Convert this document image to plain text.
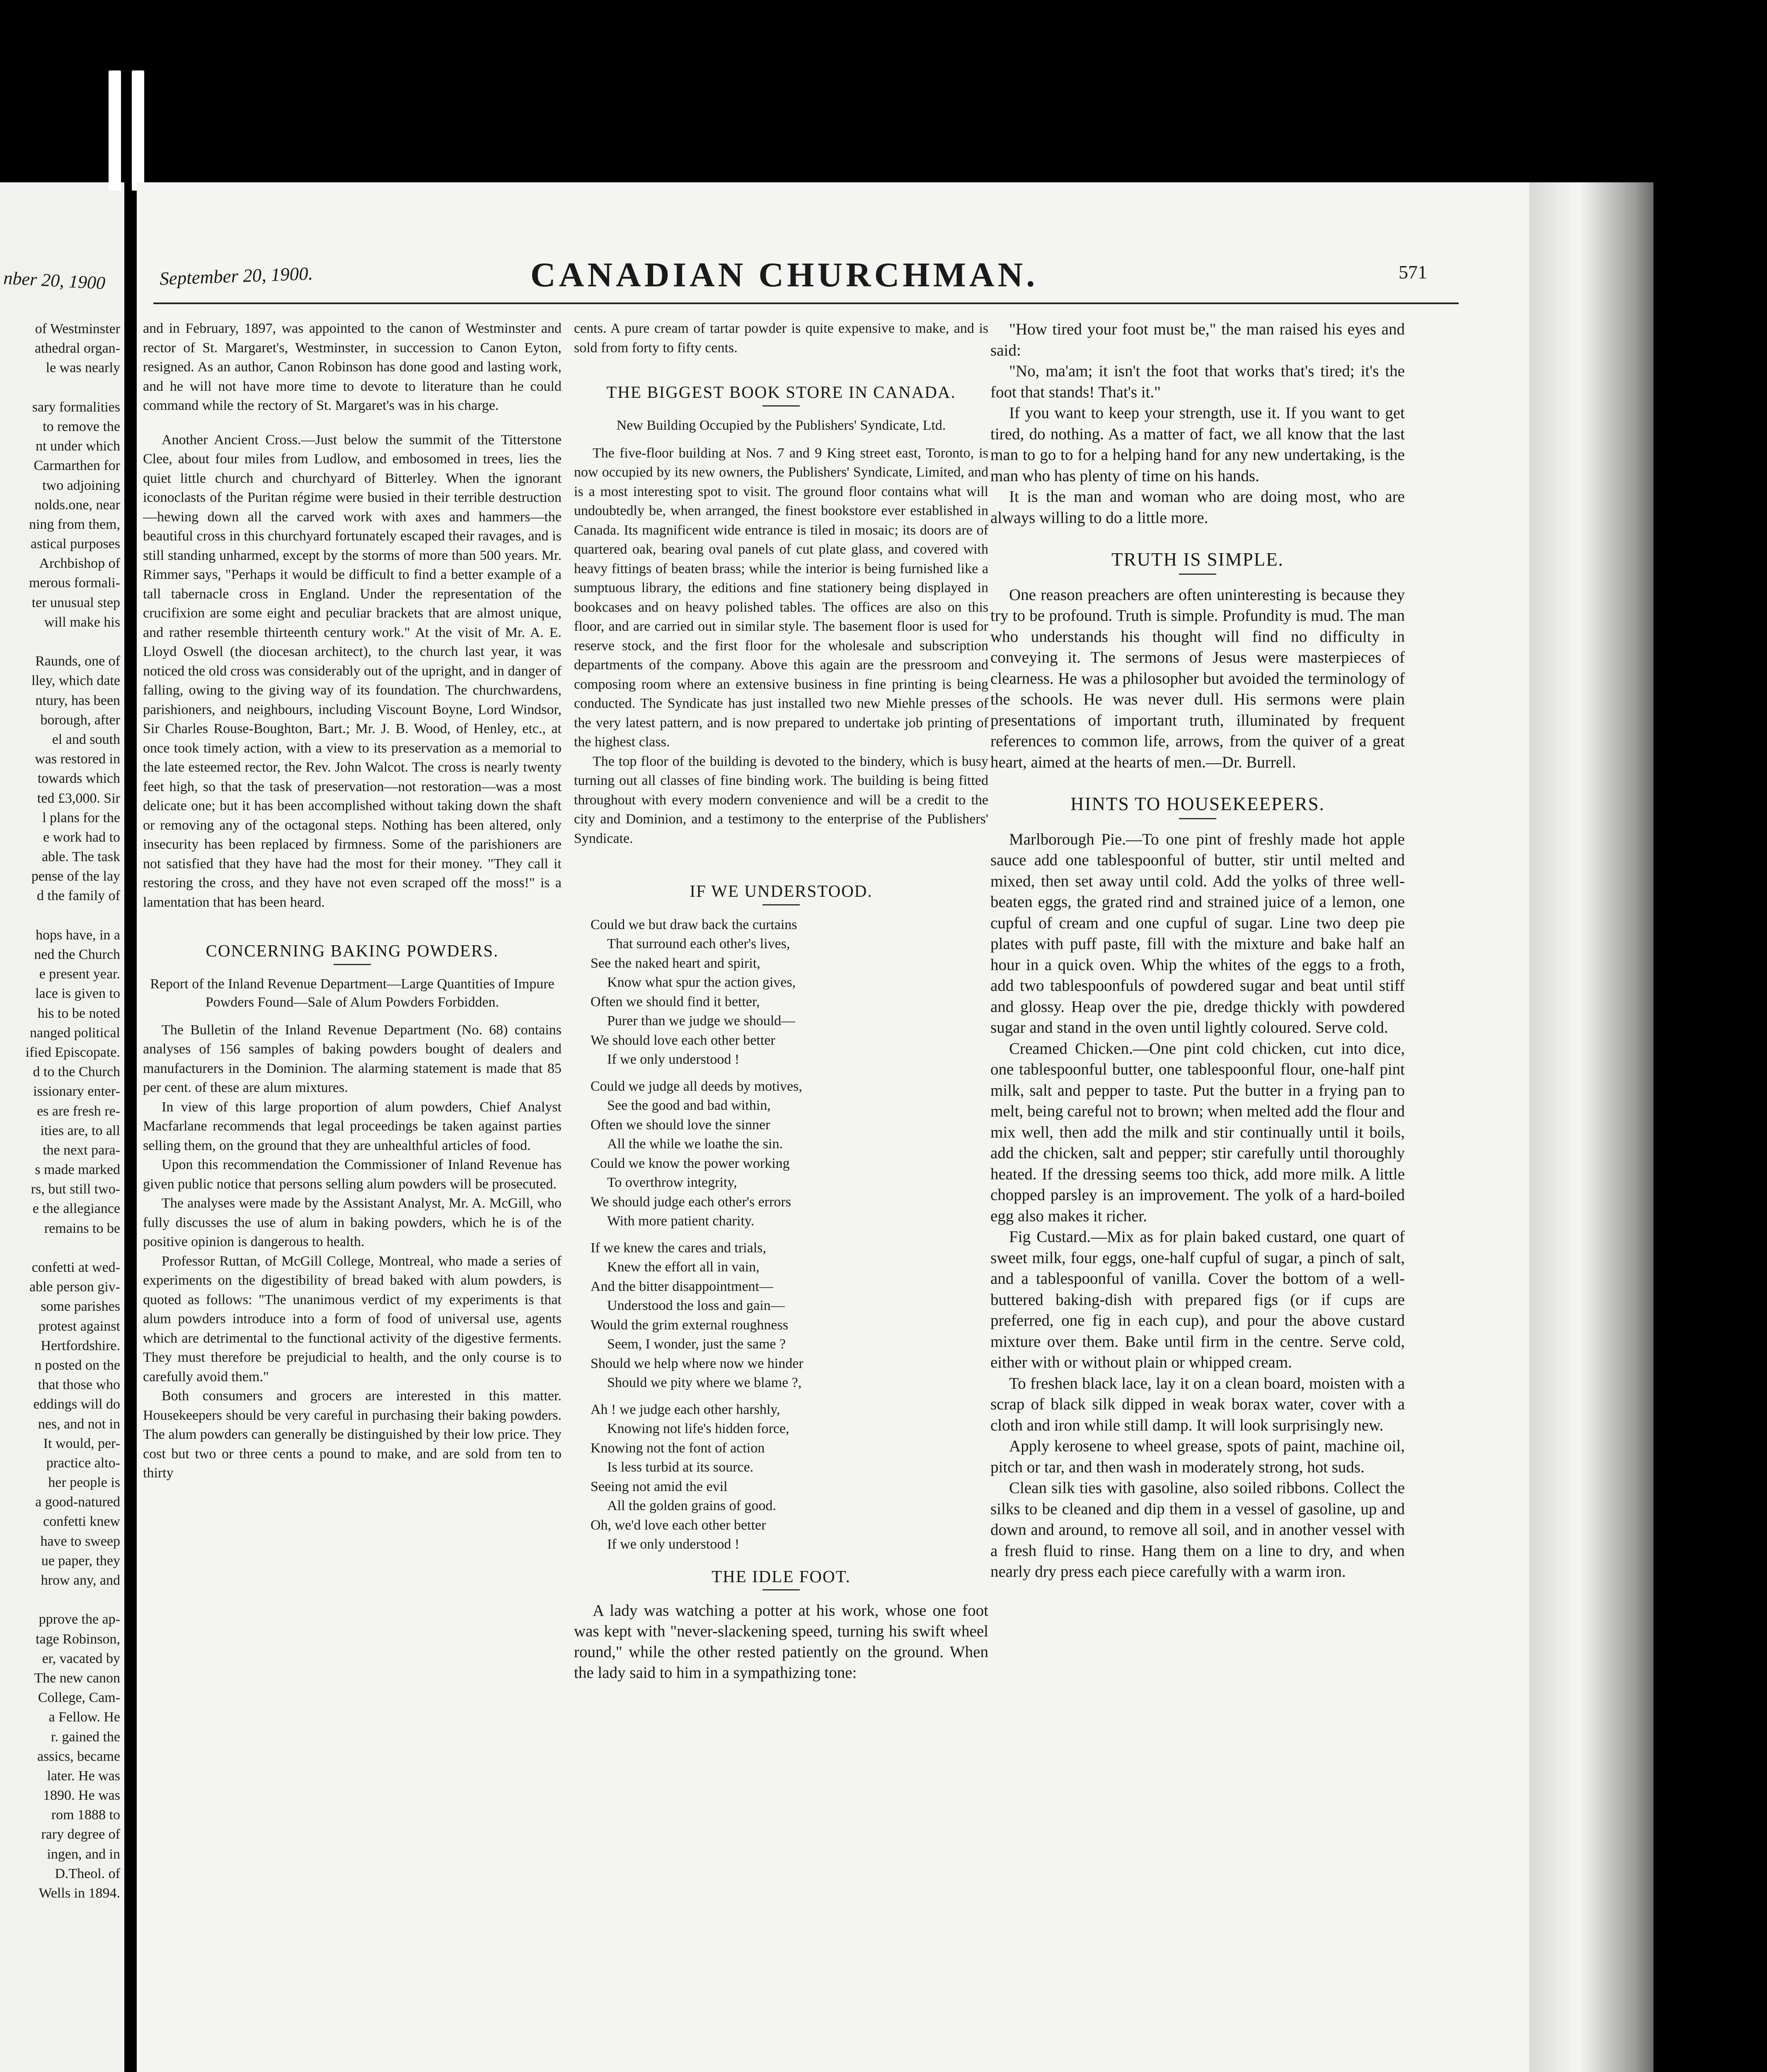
nber 20, 1900
of Westminster
athedral organ-
le was nearly
sary formalities
to remove the
nt under which
Carmarthen for
two adjoining
nolds.one, near
ning from them,
astical purposes
Archbishop of
merous formali-
ter unusual step
will make his
Raunds, one of
lley, which date
ntury, has been
borough, after
el and south
was restored in
towards which
ted £3,000. Sir
l plans for the
e work had to
able. The task
pense of the lay
d the family of
hops have, in a
ned the Church
e present year.
lace is given to
his to be noted
nanged political
ified Episcopate.
d to the Church
issionary enter-
es are fresh re-
ities are, to all
the next para-
s made marked
rs, but still two-
e the allegiance
remains to be
confetti at wed-
able person giv-
some parishes
protest against
Hertfordshire.
n posted on the
that those who
eddings will do
nes, and not in
It would, per-
practice alto-
her people is
a good-natured
confetti knew
have to sweep
ue paper, they
hrow any, and
pprove the ap-
tage Robinson,
er, vacated by
The new canon
College, Cam-
a Fellow. He
r. gained the
assics, became
later. He was
1890. He was
rom 1888 to
rary degree of
ingen, and in
D.Theol. of
Wells in 1894.
September 20, 1900.	CANADIAN CHURCHMAN.	571

and in February, 1897, was appointed to the canon of Westminster and rector of St. Margaret's, Westminster, in succession to Canon Eyton, resigned. As an author, Canon Robinson has done good and lasting work, and he will not have more time to devote to literature than he could command while the rectory of St. Margaret's was in his charge.

Another Ancient Cross.—Just below the summit of the Titterstone Clee, about four miles from Ludlow, and embosomed in trees, lies the quiet little church and churchyard of Bitterley. When the ignorant iconoclasts of the Puritan régime were busied in their terrible destruction—hewing down all the carved work with axes and hammers—the beautiful cross in this churchyard fortunately escaped their ravages, and is still standing unharmed, except by the storms of more than 500 years. Mr. Rimmer says, "Perhaps it would be difficult to find a better example of a tall tabernacle cross in England. Under the representation of the crucifixion are some eight and peculiar brackets that are almost unique, and rather resemble thirteenth century work." At the visit of Mr. A. E. Lloyd Oswell (the diocesan architect), to the church last year, it was noticed the old cross was considerably out of the upright, and in danger of falling, owing to the giving way of its foundation. The churchwardens, parishioners, and neighbours, including Viscount Boyne, Lord Windsor, Sir Charles Rouse-Boughton, Bart.; Mr. J. B. Wood, of Henley, etc., at once took timely action, with a view to its preservation as a memorial to the late esteemed rector, the Rev. John Walcot. The cross is nearly twenty feet high, so that the task of preservation—not restoration—was a most delicate one; but it has been accomplished without taking down the shaft or removing any of the octagonal steps. Nothing has been altered, only insecurity has been replaced by firmness. Some of the parishioners are not satisfied that they have had the most for their money. "They call it restoring the cross, and they have not even scraped off the moss!" is a lamentation that has been heard.

CONCERNING BAKING POWDERS.
Report of the Inland Revenue Department—Large Quantities of Impure Powders Found—Sale of Alum Powders Forbidden.

The Bulletin of the Inland Revenue Department (No. 68) contains analyses of 156 samples of baking powders bought of dealers and manufacturers in the Dominion. The alarming statement is made that 85 per cent. of these are alum mixtures.

In view of this large proportion of alum powders, Chief Analyst Macfarlane recommends that legal proceedings be taken against parties selling them, on the ground that they are unhealthful articles of food.

Upon this recommendation the Commissioner of Inland Revenue has given public notice that persons selling alum powders will be prosecuted.

The analyses were made by the Assistant Analyst, Mr. A. McGill, who fully discusses the use of alum in baking powders, which he is of the positive opinion is dangerous to health.

Professor Ruttan, of McGill College, Montreal, who made a series of experiments on the digestibility of bread baked with alum powders, is quoted as follows: "The unanimous verdict of my experiments is that alum powders introduce into a form of food of universal use, agents which are detrimental to the functional activity of the digestive ferments. They must therefore be prejudicial to health, and the only course is to carefully avoid them."

Both consumers and grocers are interested in this matter. Housekeepers should be very careful in purchasing their baking powders. The alum powders can generally be distinguished by their low price. They cost but two or three cents a pound to make, and are sold from ten to thirty

cents. A pure cream of tartar powder is quite expensive to make, and is sold from forty to fifty cents.

THE BIGGEST BOOK STORE IN CANADA.
New Building Occupied by the Publishers' Syndicate, Ltd.

The five-floor building at Nos. 7 and 9 King street east, Toronto, is now occupied by its new owners, the Publishers' Syndicate, Limited, and is a most interesting spot to visit. The ground floor contains what will undoubtedly be, when arranged, the finest bookstore ever established in Canada. Its magnificent wide entrance is tiled in mosaic; its doors are of quartered oak, bearing oval panels of cut plate glass, and covered with heavy fittings of beaten brass; while the interior is being furnished like a sumptuous library, the editions and fine stationery being displayed in bookcases and on heavy polished tables. The offices are also on this floor, and are carried out in similar style. The basement floor is used for reserve stock, and the first floor for the wholesale and subscription departments of the company. Above this again are the pressroom and composing room where an extensive business in fine printing is being conducted. The Syndicate has just installed two new Miehle presses of the very latest pattern, and is now prepared to undertake job printing of the highest class.

The top floor of the building is devoted to the bindery, which is busy turning out all classes of fine binding work. The building is being fitted throughout with every modern convenience and will be a credit to the city and Dominion, and a testimony to the enterprise of the Publishers' Syndicate.

IF WE UNDERSTOOD.
Could we but draw back the curtains
That surround each other's lives,
See the naked heart and spirit,
Know what spur the action gives,
Often we should find it better,
Purer than we judge we should—
We should love each other better
If we only understood !
Could we judge all deeds by motives,
See the good and bad within,
Often we should love the sinner
All the while we loathe the sin.
Could we know the power working
To overthrow integrity,
We should judge each other's errors
With more patient charity.
If we knew the cares and trials,
Knew the effort all in vain,
And the bitter disappointment—
Understood the loss and gain—
Would the grim external roughness
Seem, I wonder, just the same ?
Should we help where now we hinder
Should we pity where we blame ?,
Ah ! we judge each other harshly,
Knowing not life's hidden force,
Knowing not the font of action
Is less turbid at its source.
Seeing not amid the evil
All the golden grains of good.
Oh, we'd love each other better
If we only understood !
THE IDLE FOOT.

A lady was watching a potter at his work, whose one foot was kept with "never-slackening speed, turning his swift wheel round," while the other rested patiently on the ground. When the lady said to him in a sympathizing tone:

"How tired your foot must be," the man raised his eyes and said:

"No, ma'am; it isn't the foot that works that's tired; it's the foot that stands! That's it."

If you want to keep your strength, use it. If you want to get tired, do nothing. As a matter of fact, we all know that the last man to go to for a helping hand for any new undertaking, is the man who has plenty of time on his hands.

It is the man and woman who are doing most, who are always willing to do a little more.

TRUTH IS SIMPLE.

One reason preachers are often uninteresting is because they try to be profound. Truth is simple. Profundity is mud. The man who understands his thought will find no difficulty in conveying it. The sermons of Jesus were masterpieces of clearness. He was a philosopher but avoided the terminology of the schools. He was never dull. His sermons were plain presentations of important truth, illuminated by frequent references to common life, arrows, from the quiver of a great heart, aimed at the hearts of men.—Dr. Burrell.

HINTS TO HOUSEKEEPERS.

Marlborough Pie.—To one pint of freshly made hot apple sauce add one tablespoonful of butter, stir until melted and mixed, then set away until cold. Add the yolks of three well-beaten eggs, the grated rind and strained juice of a lemon, one cupful of cream and one cupful of sugar. Line two deep pie plates with puff paste, fill with the mixture and bake half an hour in a quick oven. Whip the whites of the eggs to a froth, add two tablespoonfuls of powdered sugar and beat until stiff and glossy. Heap over the pie, dredge thickly with powdered sugar and stand in the oven until lightly coloured. Serve cold.

Creamed Chicken.—One pint cold chicken, cut into dice, one tablespoonful butter, one tablespoonful flour, one-half pint milk, salt and pepper to taste. Put the butter in a frying pan to melt, being careful not to brown; when melted add the flour and mix well, then add the milk and stir continually until it boils, add the chicken, salt and pepper; stir carefully until thoroughly heated. If the dressing seems too thick, add more milk. A little chopped parsley is an improvement. The yolk of a hard-boiled egg also makes it richer.

Fig Custard.—Mix as for plain baked custard, one quart of sweet milk, four eggs, one-half cupful of sugar, a pinch of salt, and a tablespoonful of vanilla. Cover the bottom of a well-buttered baking-dish with prepared figs (or if cups are preferred, one fig in each cup), and pour the above custard mixture over them. Bake until firm in the centre. Serve cold, either with or without plain or whipped cream.

To freshen black lace, lay it on a clean board, moisten with a scrap of black silk dipped in weak borax water, cover with a cloth and iron while still damp. It will look surprisingly new.

Apply kerosene to wheel grease, spots of paint, machine oil, pitch or tar, and then wash in moderately strong, hot suds.

Clean silk ties with gasoline, also soiled ribbons. Collect the silks to be cleaned and dip them in a vessel of gasoline, up and down and around, to remove all soil, and in another vessel with a fresh fluid to rinse. Hang them on a line to dry, and when nearly dry press each piece carefully with a warm iron.
